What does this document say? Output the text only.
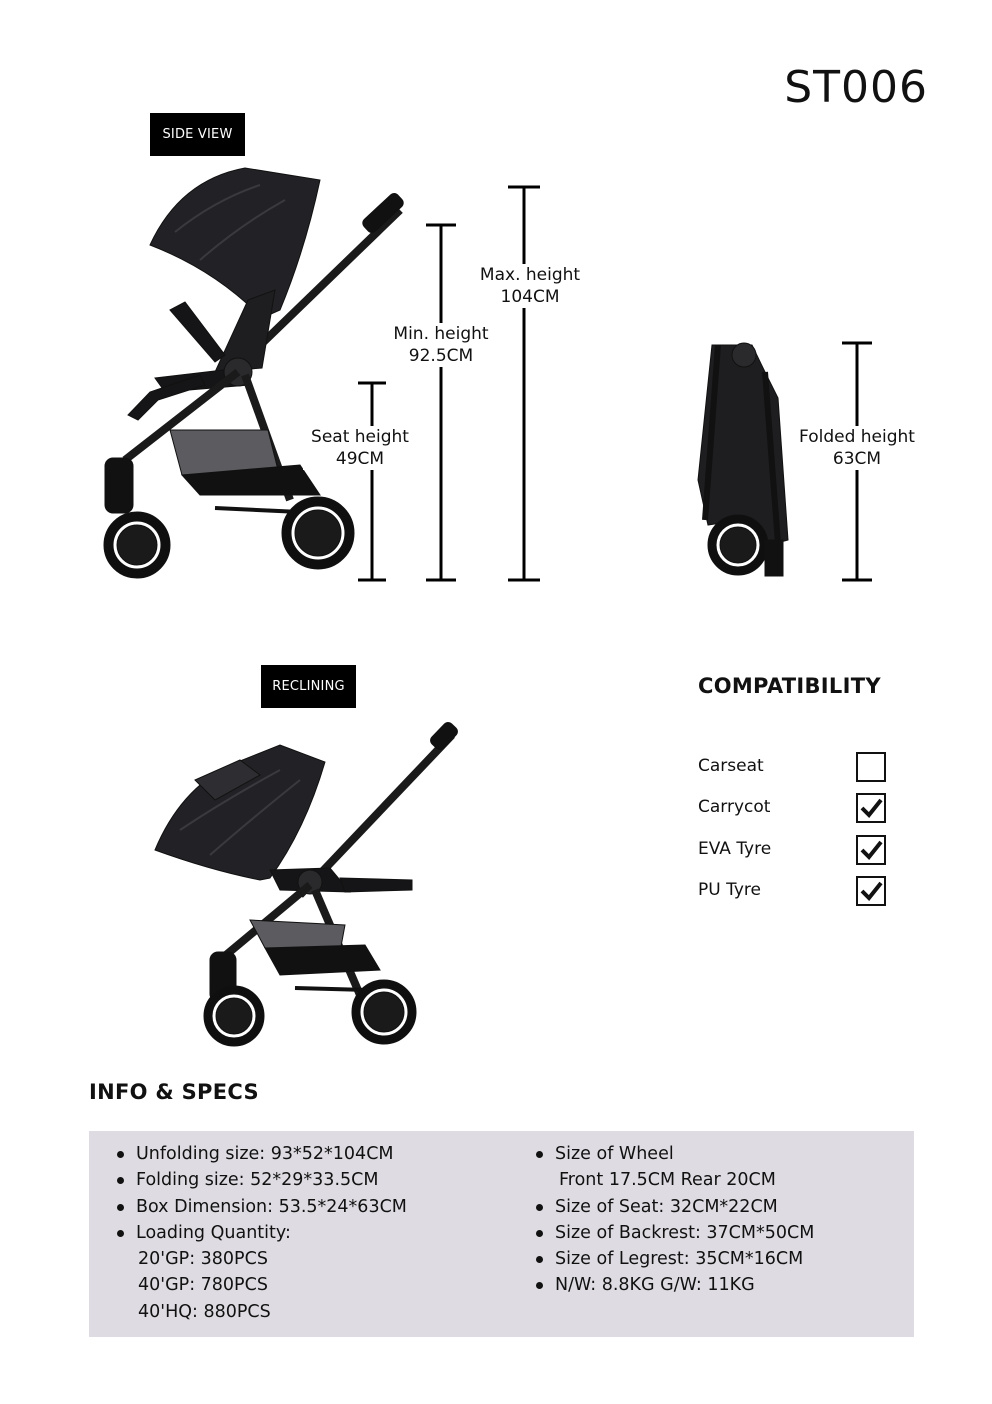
ST006
SIDE VIEW
RECLINING
Max. height
104CM
Min. height
92.5CM
Seat height
49CM
Folded height
63CM
COMPATIBILITY
Carseat
Carrycot
EVA Tyre
PU Tyre
INFO & SPECS
Unfolding size: 93*52*104CM
Folding size: 52*29*33.5CM
Box Dimension: 53.5*24*63CM
Loading Quantity:
20'GP: 380PCS
40'GP: 780PCS
40'HQ: 880PCS
Size of Wheel
Front 17.5CM Rear 20CM
Size of Seat: 32CM*22CM
Size of Backrest: 37CM*50CM
Size of Legrest: 35CM*16CM
N/W: 8.8KG G/W: 11KG
